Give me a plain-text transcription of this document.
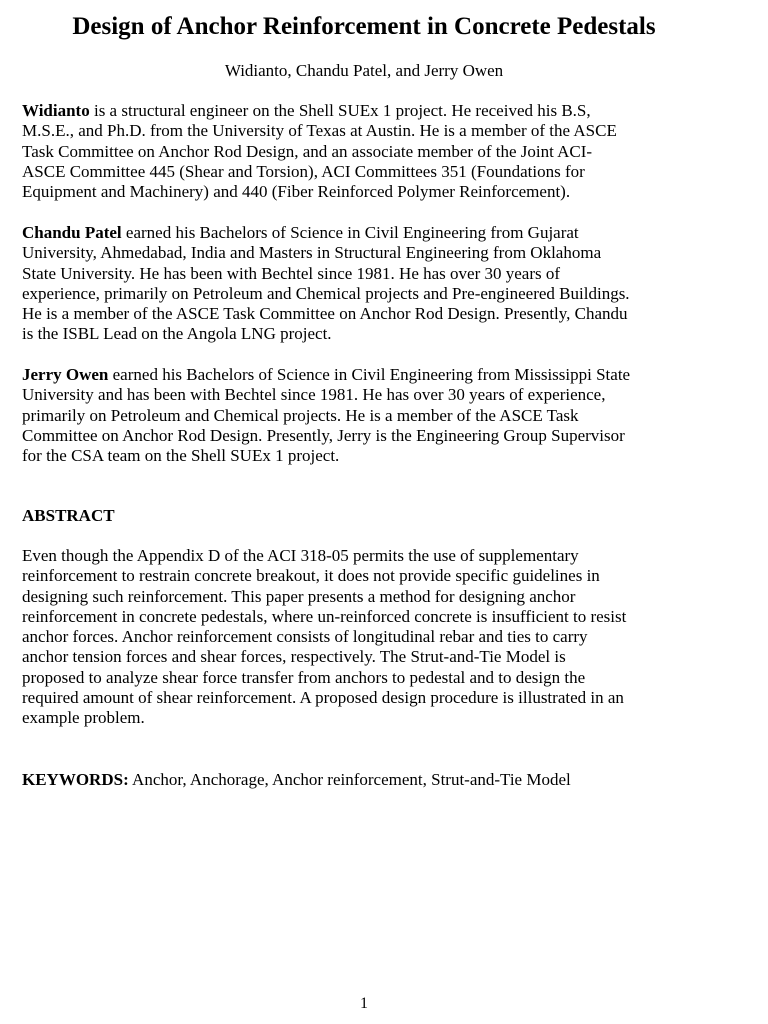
Design of Anchor Reinforcement in Concrete Pedestals
Widianto, Chandu Patel, and Jerry Owen

Widianto is a structural engineer on the Shell SUEx 1 project. He received his B.S,
M.S.E., and Ph.D. from the University of Texas at Austin. He is a member of the ASCE
Task Committee on Anchor Rod Design, and an associate member of the Joint ACI-
ASCE Committee 445 (Shear and Torsion), ACI Committees 351 (Foundations for
Equipment and Machinery) and 440 (Fiber Reinforced Polymer Reinforcement).

Chandu Patel earned his Bachelors of Science in Civil Engineering from Gujarat
University, Ahmedabad, India and Masters in Structural Engineering from Oklahoma
State University. He has been with Bechtel since 1981. He has over 30 years of
experience, primarily on Petroleum and Chemical projects and Pre-engineered Buildings.
He is a member of the ASCE Task Committee on Anchor Rod Design. Presently, Chandu
is the ISBL Lead on the Angola LNG project.

Jerry Owen earned his Bachelors of Science in Civil Engineering from Mississippi State
University and has been with Bechtel since 1981. He has over 30 years of experience,
primarily on Petroleum and Chemical projects. He is a member of the ASCE Task
Committee on Anchor Rod Design. Presently, Jerry is the Engineering Group Supervisor
for the CSA team on the Shell SUEx 1 project.

ABSTRACT

Even though the Appendix D of the ACI 318-05 permits the use of supplementary
reinforcement to restrain concrete breakout, it does not provide specific guidelines in
designing such reinforcement. This paper presents a method for designing anchor
reinforcement in concrete pedestals, where un-reinforced concrete is insufficient to resist
anchor forces. Anchor reinforcement consists of longitudinal rebar and ties to carry
anchor tension forces and shear forces, respectively. The Strut-and-Tie Model is
proposed to analyze shear force transfer from anchors to pedestal and to design the
required amount of shear reinforcement. A proposed design procedure is illustrated in an
example problem.

KEYWORDS: Anchor, Anchorage, Anchor reinforcement, Strut-and-Tie Model
1
